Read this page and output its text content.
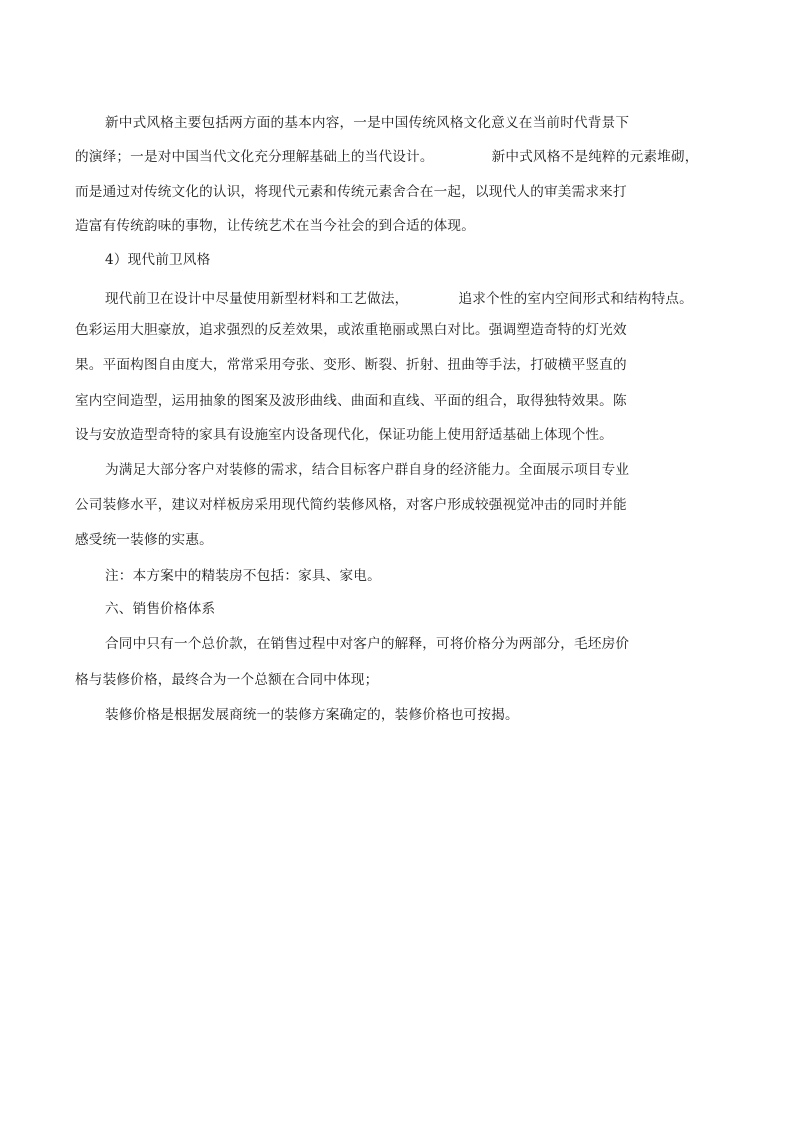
新中式风格主要包括两方面的基本内容，一是中国传统风格文化意义在当前时代背景下
的演绎；一是对中国当代文化充分理解基础上的当代设计。	新中式风格不是纯粹的元素堆砌，
而是通过对传统文化的认识，将现代元素和传统元素舍合在一起，以现代人的审美需求来打
造富有传统韵味的事物，让传统艺术在当今社会的到合适的体现。
4）现代前卫风格
现代前卫在设计中尽量使用新型材料和工艺做法，	追求个性的室内空间形式和结构特点。
色彩运用大胆豪放，追求强烈的反差效果，或浓重艳丽或黑白对比。强调塑造奇特的灯光效
果。平面构图自由度大，常常采用夸张、变形、断裂、折射、扭曲等手法，打破横平竖直的
室内空间造型，运用抽象的图案及波形曲线、曲面和直线、平面的组合，取得独特效果。陈
设与安放造型奇特的家具有设施室内设备现代化，保证功能上使用舒适基础上体现个性。
为满足大部分客户对装修的需求，结合目标客户群自身的经济能力。全面展示项目专业
公司装修水平，建议对样板房采用现代简约装修风格，对客户形成较强视觉冲击的同时并能
感受统一装修的实惠。
注：本方案中的精装房不包括：家具、家电。
六、销售价格体系
合同中只有一个总价款，在销售过程中对客户的解释，可将价格分为两部分，毛坯房价
格与装修价格，最终合为一个总额在合同中体现；
装修价格是根据发展商统一的装修方案确定的，装修价格也可按揭。
